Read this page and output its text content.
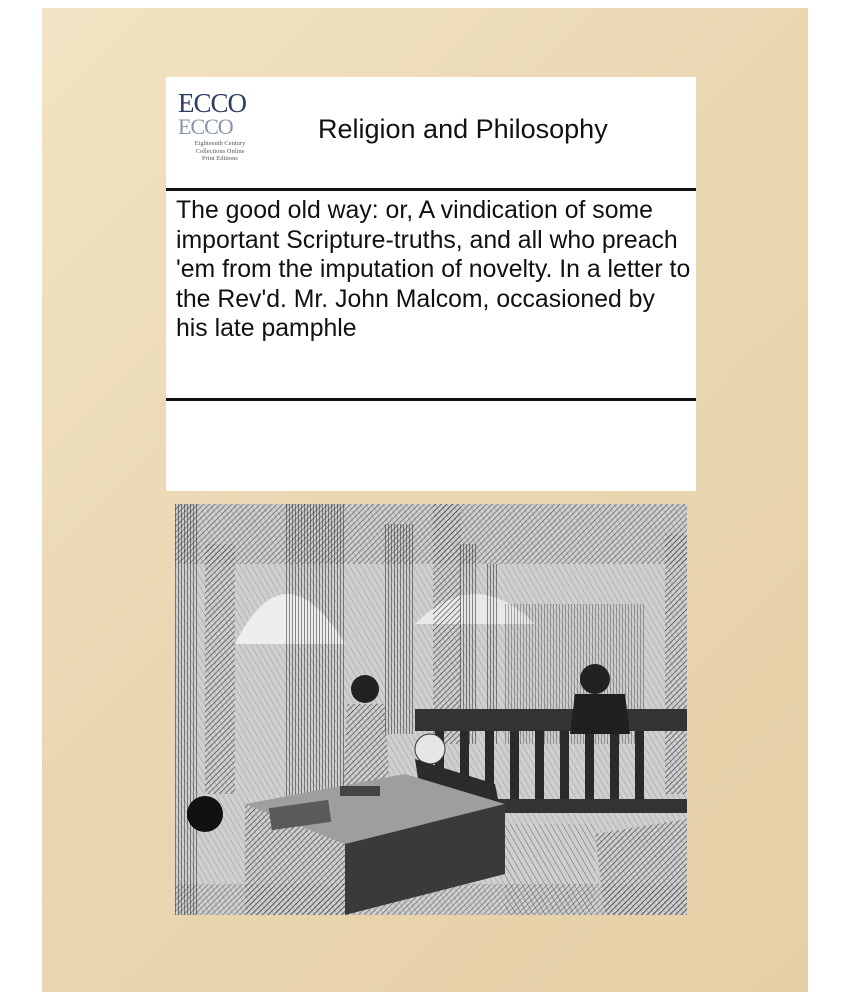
ECCO
ECCO
Eighteenth Century
Collections Online
Print Editions
Religion and Philosophy
The good old way: or, A vindication of some important Scripture-truths, and all who preach 'em from the imputation of novelty. In a letter to the Rev'd. Mr. John Malcom, occasioned by his late pamphle
